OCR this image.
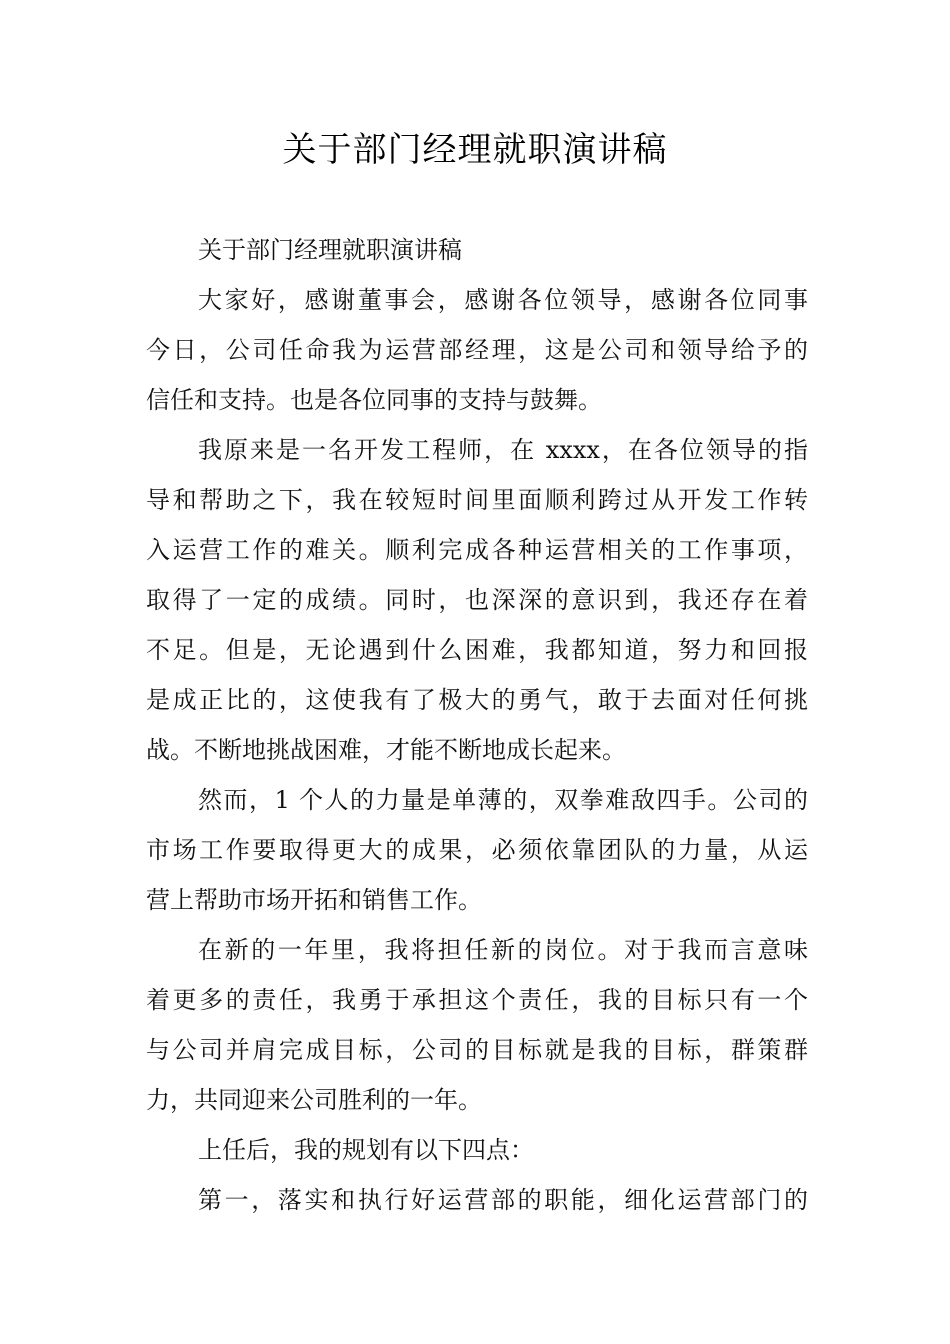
关于部门经理就职演讲稿
关于部门经理就职演讲稿
大家好，感谢董事会，感谢各位领导，感谢各位同事
今日，公司任命我为运营部经理，这是公司和领导给予的
信任和支持。也是各位同事的支持与鼓舞。
我原来是一名开发工程师，在 xxxx，在各位领导的指
导和帮助之下，我在较短时间里面顺利跨过从开发工作转
入运营工作的难关。顺利完成各种运营相关的工作事项，
取得了一定的成绩。同时，也深深的意识到，我还存在着
不足。但是，无论遇到什么困难，我都知道，努力和回报
是成正比的，这使我有了极大的勇气，敢于去面对任何挑
战。不断地挑战困难，才能不断地成长起来。
然而，1 个人的力量是单薄的，双拳难敌四手。公司的
市场工作要取得更大的成果，必须依靠团队的力量，从运
营上帮助市场开拓和销售工作。
在新的一年里，我将担任新的岗位。对于我而言意味
着更多的责任，我勇于承担这个责任，我的目标只有一个
与公司并肩完成目标，公司的目标就是我的目标，群策群
力，共同迎来公司胜利的一年。
上任后，我的规划有以下四点：
第一，落实和执行好运营部的职能，细化运营部门的
